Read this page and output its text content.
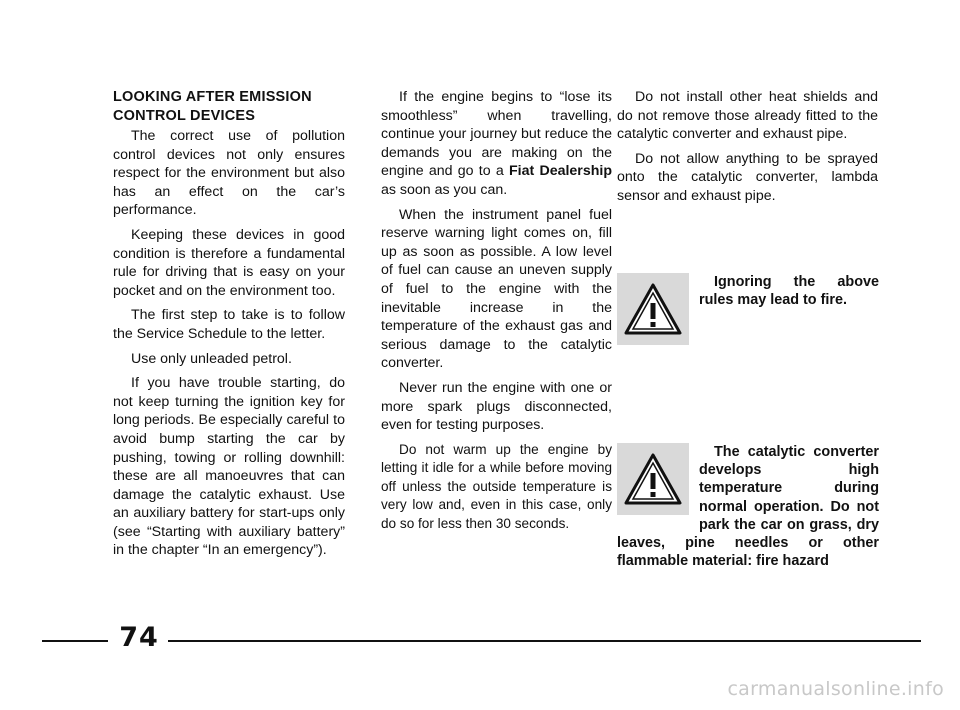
LOOKING AFTER EMISSION
CONTROL DEVICES

The correct use of pollution control devices not only ensures respect for the environment but also has an effect on the car’s performance.

Keeping these devices in good condition is therefore a fundamental rule for driving that is easy on your pocket and on the environment too.

The first step to take is to follow the Service Schedule to the letter.

Use only unleaded petrol.

If you have trouble starting, do not keep turning the ignition key for long periods. Be especially careful to avoid bump starting the car by pushing, towing or rolling downhill: these are all manoeuvres that can damage the catalytic exhaust. Use an auxiliary battery for start-ups only (see “Starting with auxiliary battery” in the chapter “In an emergency”).

If the engine begins to “lose its smoothless” when travelling, continue your journey but reduce the demands you are making on the engine and go to a Fiat Dealership as soon as you can.

When the instrument panel fuel reserve warning light comes on, fill up as soon as possible. A low level of fuel can cause an uneven supply of fuel to the engine with the inevitable increase in the temperature of the exhaust gas and serious damage to the catalytic converter.

Never run the engine with one or more spark plugs disconnected, even for testing purposes.

Do not warm up the engine by letting it idle for a while before moving off unless the outside temperature is very low and, even in this case, only do so for less then 30 seconds.

Do not install other heat shields and do not remove those already fitted to the catalytic converter and exhaust pipe.

Do not allow anything to be sprayed onto the catalytic converter, lambda sensor and exhaust pipe.

Ignoring the above rules may lead to fire.
The catalytic converter develops high temperature during normal operation. Do not park the car on grass, dry leaves, pine needles or other flammable material: fire hazard
74
carmanualsonline.info
